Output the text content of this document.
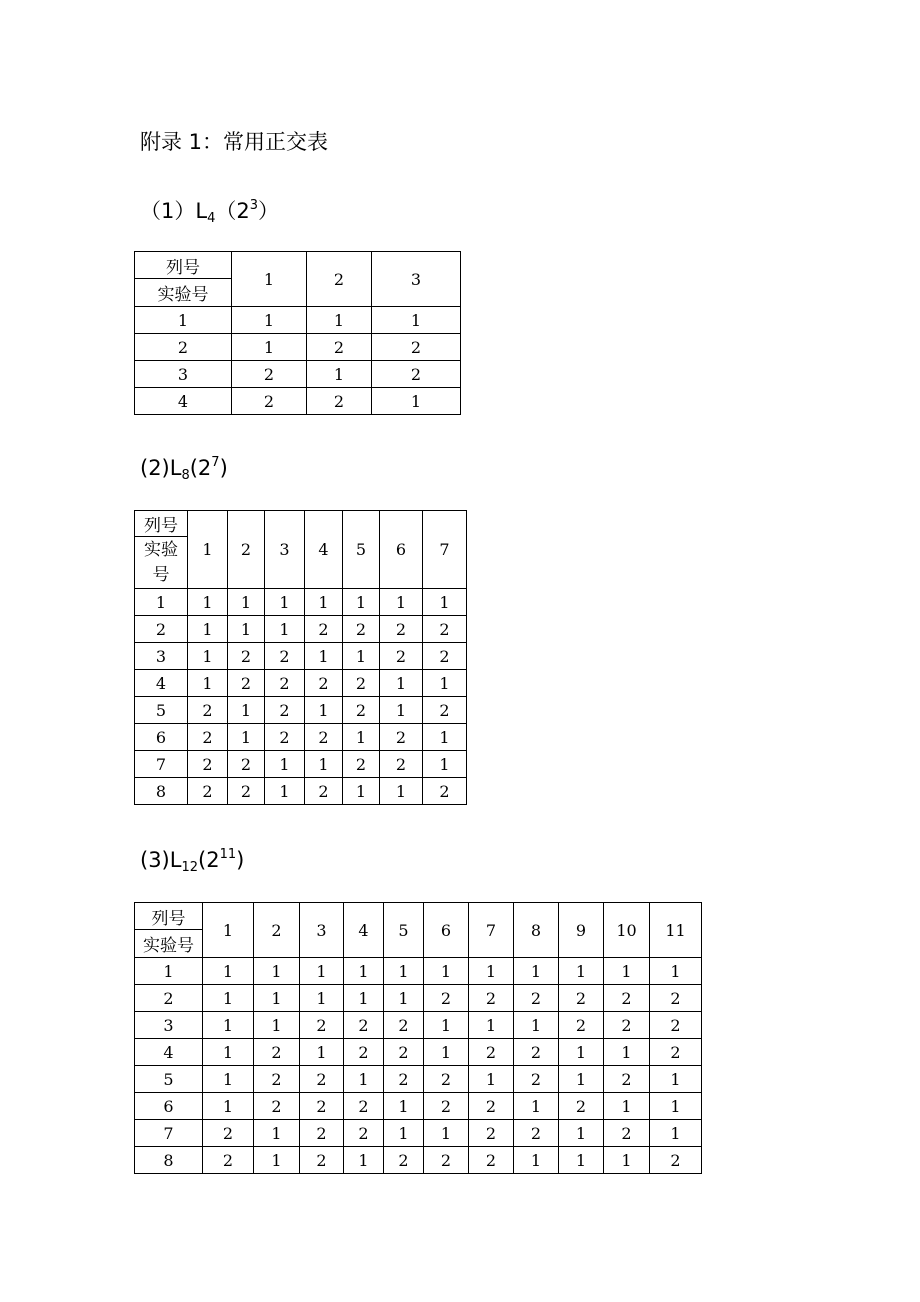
附录 1：常用正交表
$(1)L_4(2^3)$
列号	1	2	3
实验号			
1	1	1	1
2	1	2	2
3	2	1	2
4	2	2	1
$(2)L_8(2^7)$
列号	1	2	3	4	5	6	7

实验
号							

1	1	1	1	1	1	1	1
2	1	1	1	2	2	2	2
3	1	2	2	1	1	2	2
4	1	2	2	2	2	1	1
5	2	1	2	1	2	1	2
6	2	1	2	2	1	2	1
7	2	2	1	1	2	2	1
8	2	2	1	2	1	1	2
$(3)L_{12}(2^{11})$
列号	1	2	3	4	5	6	7	8	9	10	11
实验号											
1	1	1	1	1	1	1	1	1	1	1	1
2	1	1	1	1	1	2	2	2	2	2	2
3	1	1	2	2	2	1	1	1	2	2	2
4	1	2	1	2	2	1	2	2	1	1	2
5	1	2	2	1	2	2	1	2	1	2	1
6	1	2	2	2	1	2	2	1	2	1	1
7	2	1	2	2	1	1	2	2	1	2	1
8	2	1	2	1	2	2	2	1	1	1	2
